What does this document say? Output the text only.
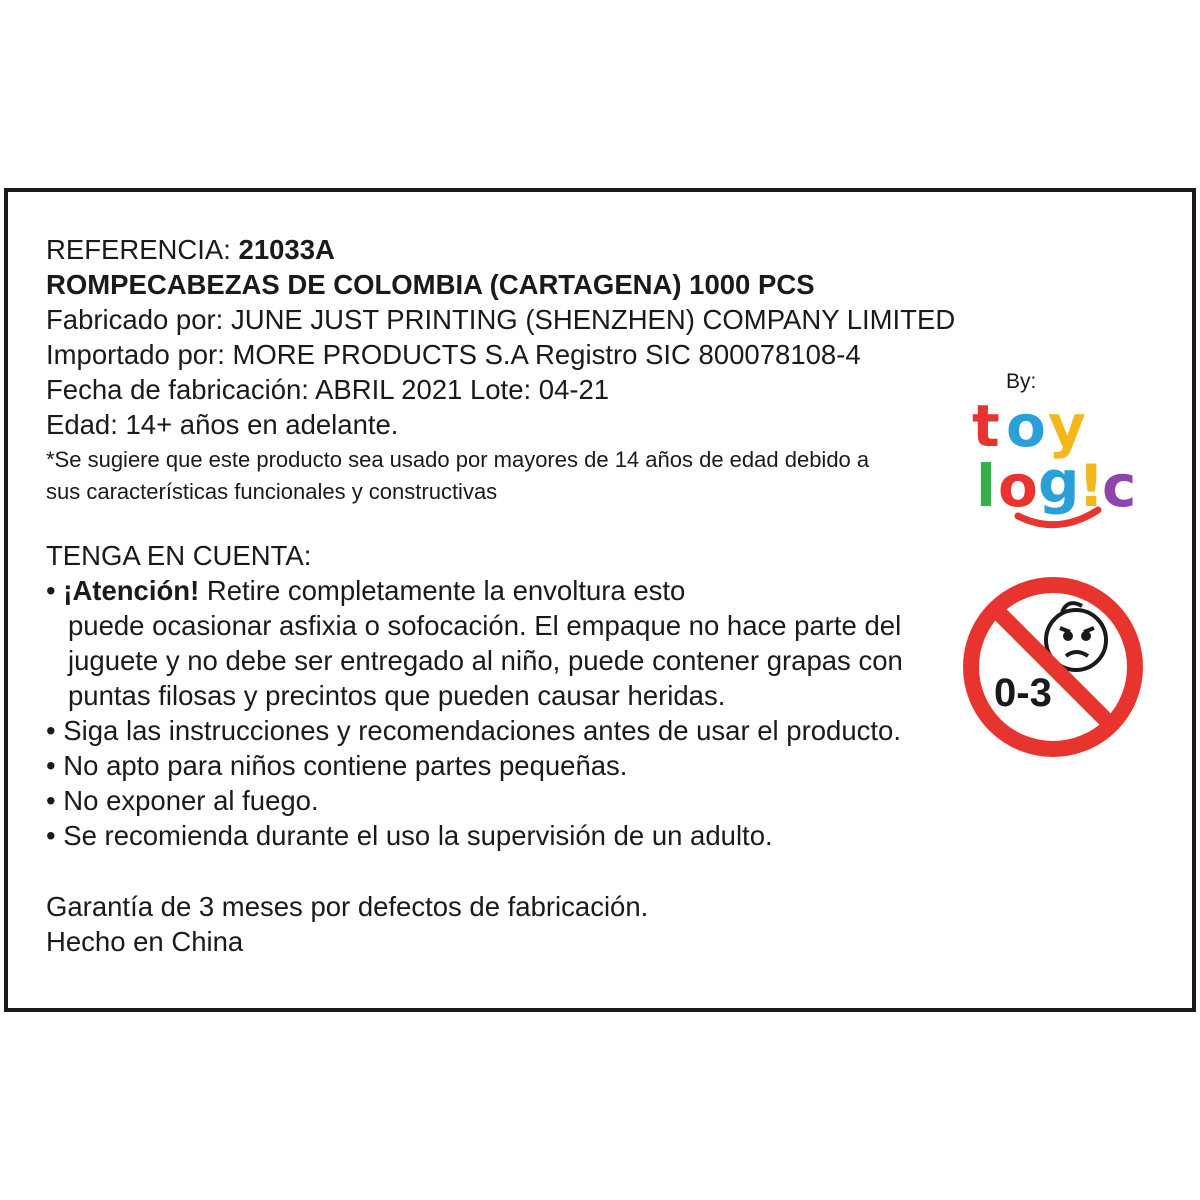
REFERENCIA: 21033A

ROMPECABEZAS DE COLOMBIA (CARTAGENA) 1000 PCS

Fabricado por: JUNE JUST PRINTING (SHENZHEN) COMPANY LIMITED

Importado por: MORE PRODUCTS S.A Registro SIC 800078108-4

Fecha de fabricación: ABRIL 2021 Lote: 04-21

Edad: 14+ años en adelante.

*Se sugiere que este producto sea usado por mayores de 14 años de edad debido a

sus características funcionales y constructivas

TENGA EN CUENTA:

• ¡Atención! Retire completamente la envoltura esto

puede ocasionar asfixia o sofocación. El empaque no hace parte del

juguete y no debe ser entregado al niño, puede contener grapas con

puntas filosas y precintos que pueden causar heridas.

• Siga las instrucciones y recomendaciones antes de usar el producto.

• No apto para niños contiene partes pequeñas.

• No exponer al fuego.

• Se recomienda durante el uso la supervisión de un adulto.

Garantía de 3 meses por defectos de fabricación.

Hecho en China

By:
t o y
l o g
!
c
0-3
